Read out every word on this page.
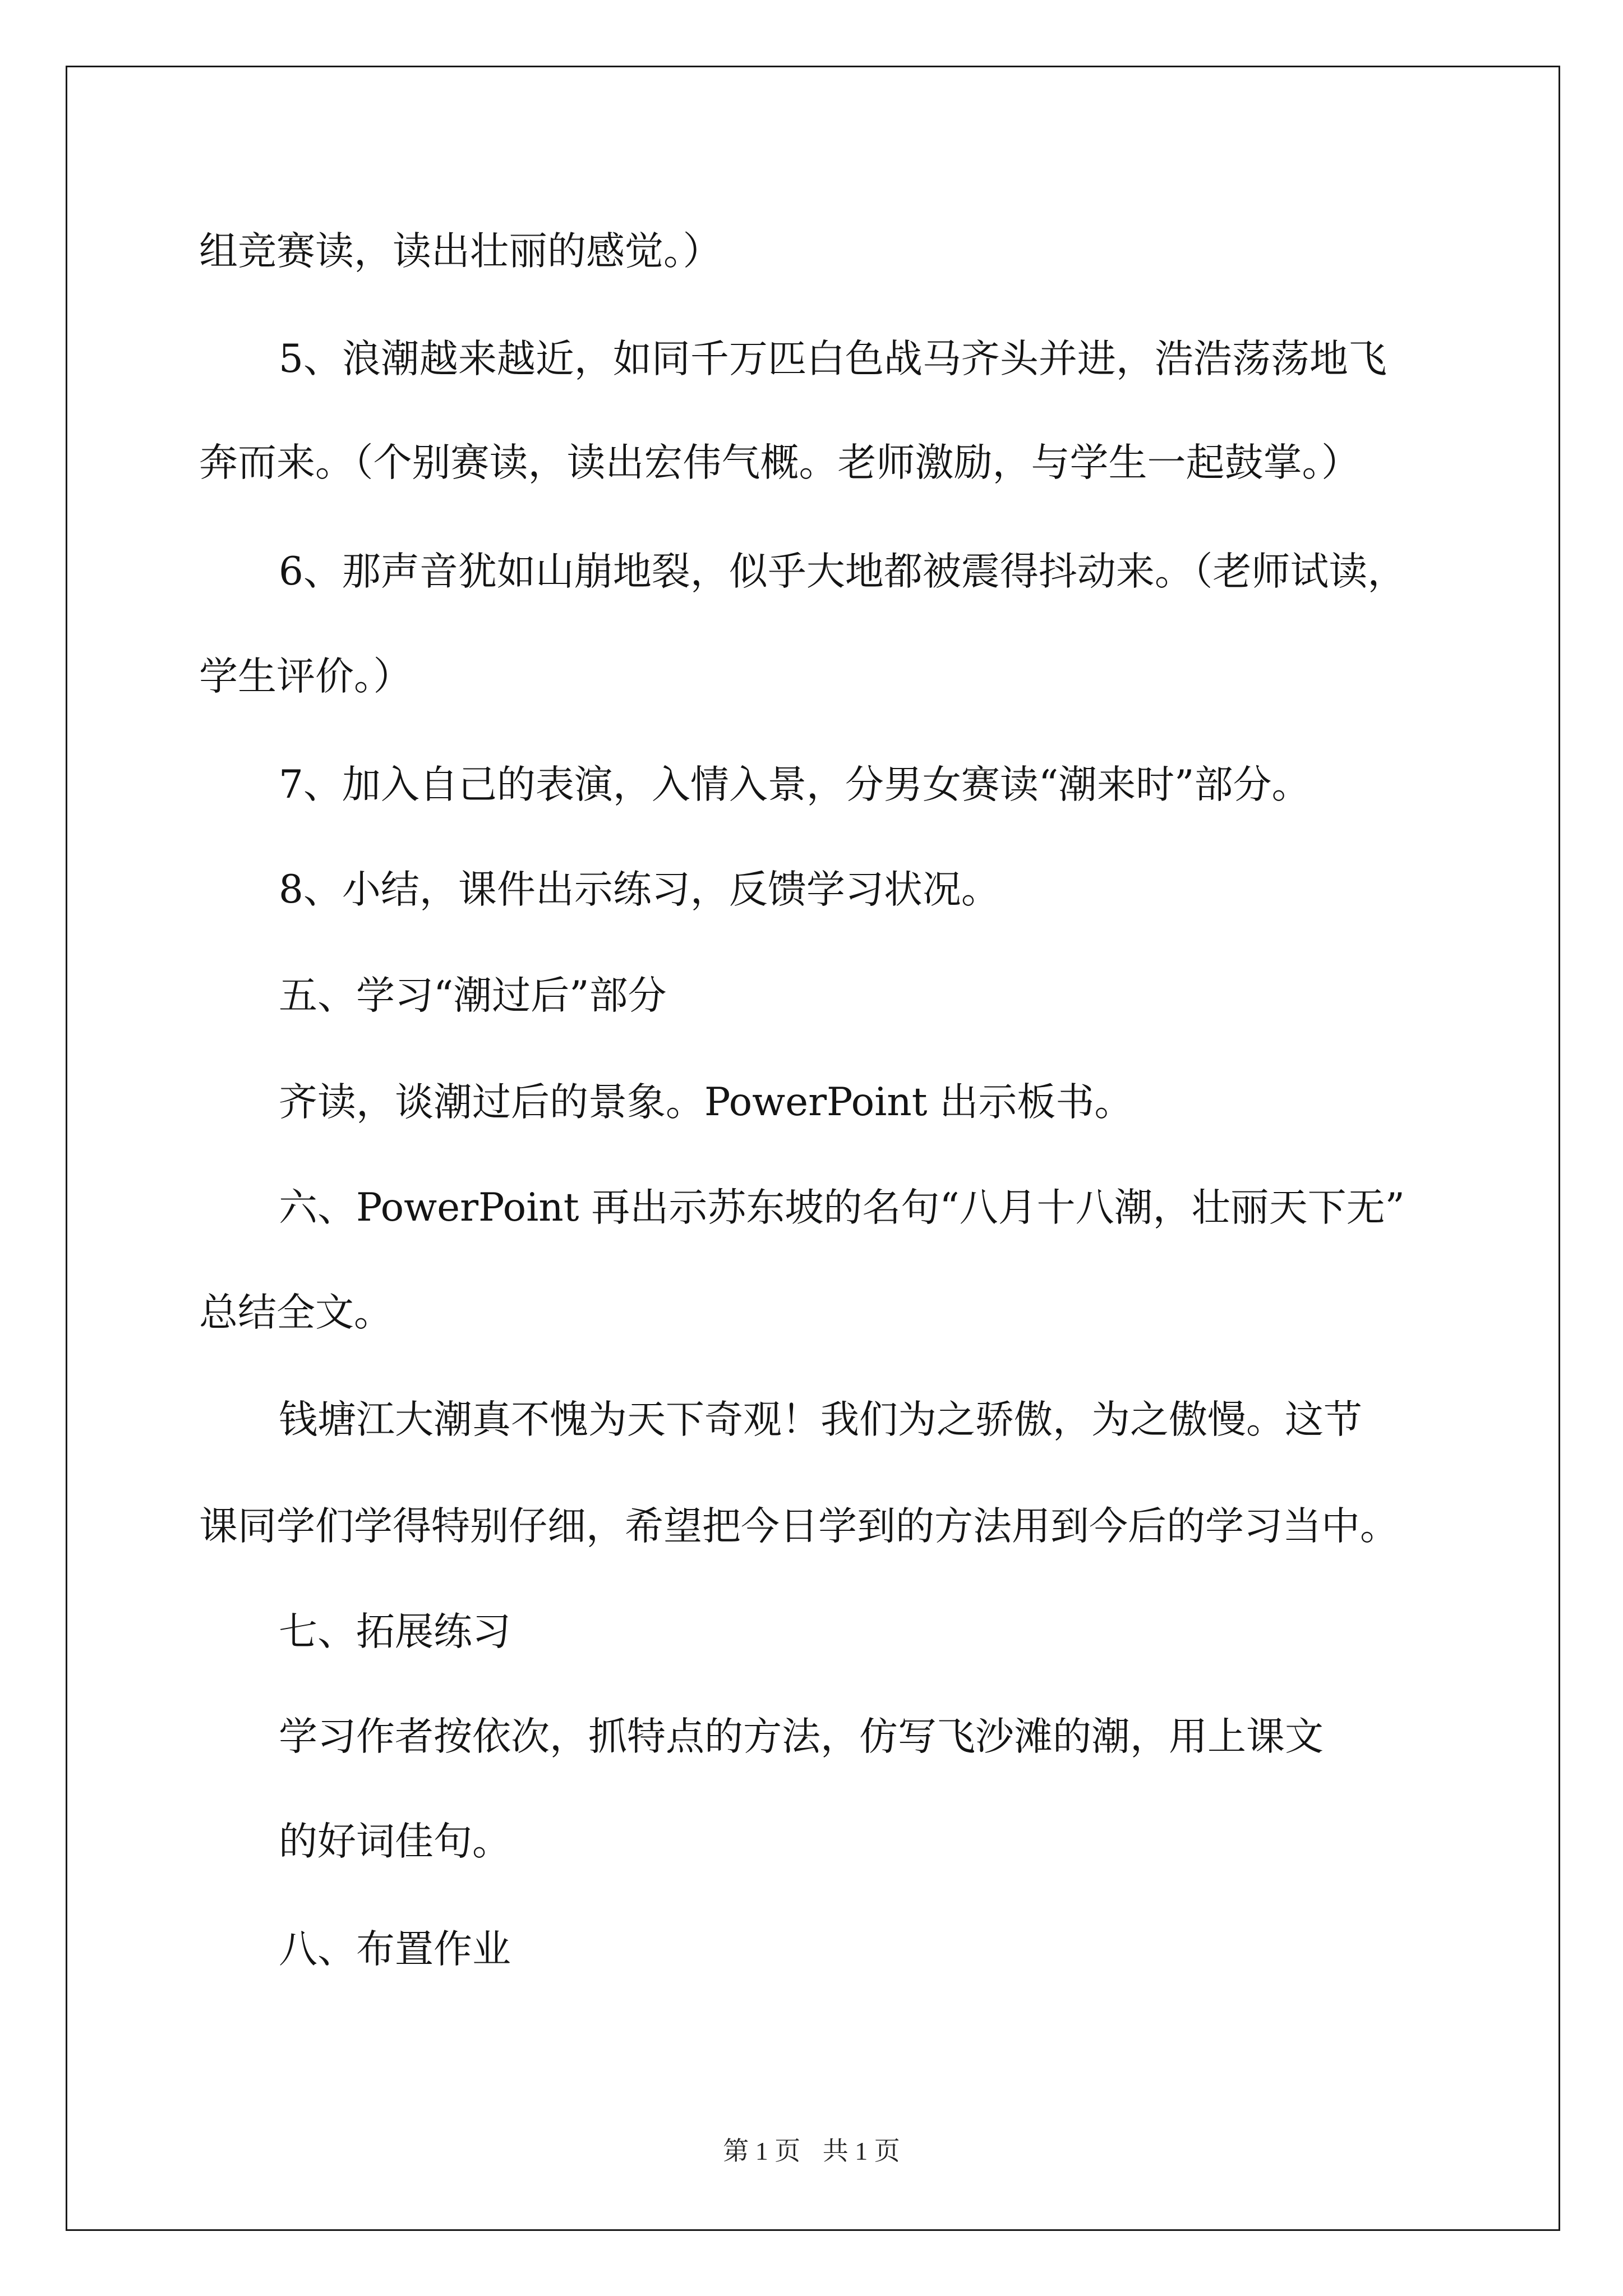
组竞赛读，读出壮丽的感觉。）
5、浪潮越来越近，如同千万匹白色战马齐头并进，浩浩荡荡地飞
奔而来。（个别赛读，读出宏伟气概。老师激励，与学生一起鼓掌。）
6、那声音犹如山崩地裂，似乎大地都被震得抖动来。（老师试读，
学生评价。）
7、加入自己的表演，入情入景，分男女赛读“潮来时”部分。
8、小结，课件出示练习，反馈学习状况。
五、学习“潮过后”部分
齐读，谈潮过后的景象。PowerPoint 出示板书。
六、PowerPoint 再出示苏东坡的名句“八月十八潮，壮丽天下无”
总结全文。
钱塘江大潮真不愧为天下奇观！我们为之骄傲，为之傲慢。这节
课同学们学得特别仔细，希望把今日学到的方法用到今后的学习当中。
七、拓展练习
学习作者按依次，抓特点的方法，仿写飞沙滩的潮，用上课文
的好词佳句。
八、布置作业
第 1 页 共 1 页
